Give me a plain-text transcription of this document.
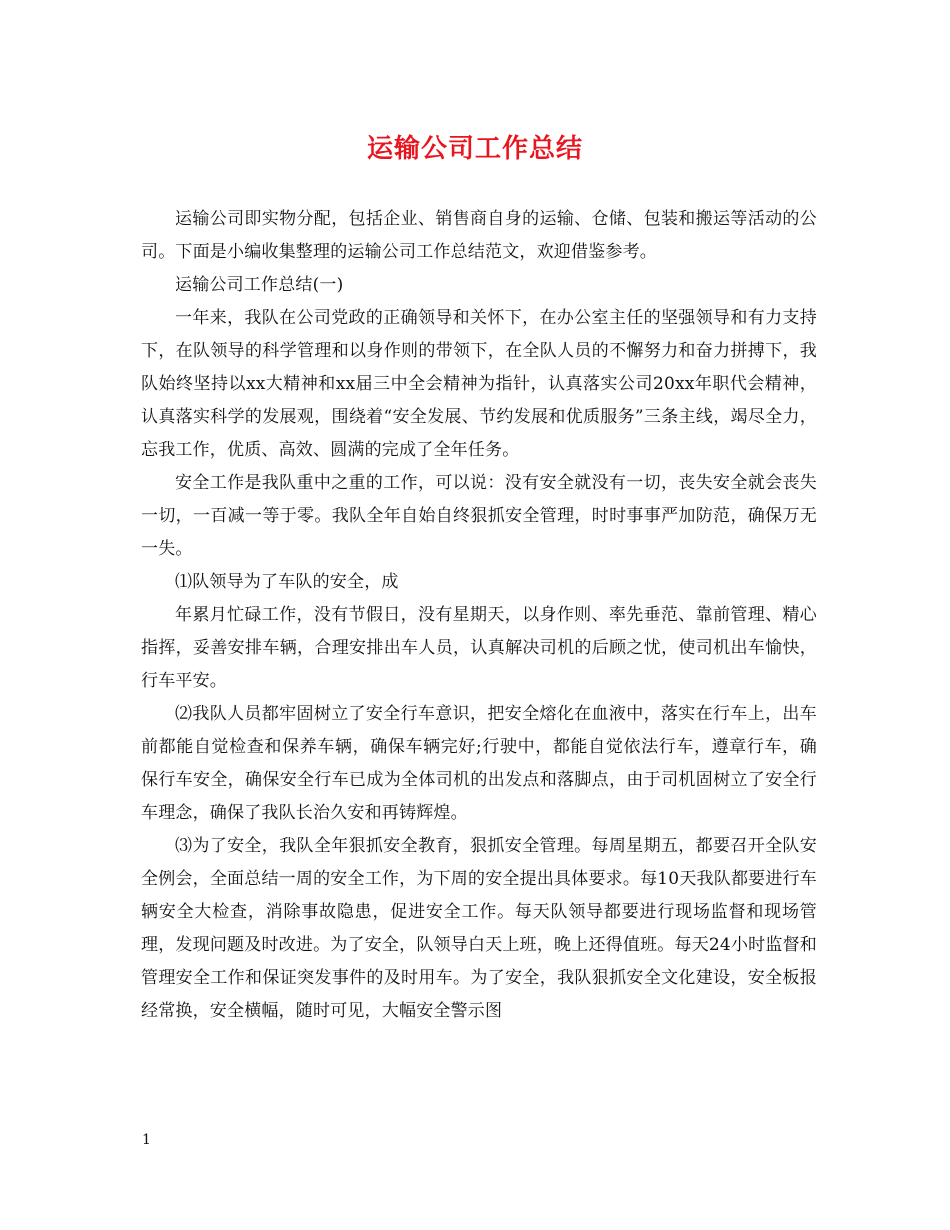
运输公司工作总结

运输公司即实物分配，包括企业、销售商自身的运输、仓储、包装和搬运等活动的公司。下面是小编收集整理的运输公司工作总结范文，欢迎借鉴参考。

运输公司工作总结(一)

一年来，我队在公司党政的正确领导和关怀下，在办公室主任的坚强领导和有力支持下，在队领导的科学管理和以身作则的带领下，在全队人员的不懈努力和奋力拼搏下，我队始终坚持以xx大精神和xx届三中全会精神为指针，认真落实公司20xx年职代会精神，认真落实科学的发展观，围绕着“安全发展、节约发展和优质服务”三条主线，竭尽全力，忘我工作，优质、高效、圆满的完成了全年任务。

安全工作是我队重中之重的工作，可以说：没有安全就没有一切，丧失安全就会丧失一切，一百减一等于零。我队全年自始自终狠抓安全管理，时时事事严加防范，确保万无一失。

⑴队领导为了车队的安全，成

年累月忙碌工作，没有节假日，没有星期天，以身作则、率先垂范、靠前管理、精心指挥，妥善安排车辆，合理安排出车人员，认真解决司机的后顾之忧，使司机出车愉快，行车平安。

⑵我队人员都牢固树立了安全行车意识，把安全熔化在血液中，落实在行车上，出车前都能自觉检查和保养车辆，确保车辆完好;行驶中，都能自觉依法行车，遵章行车，确保行车安全，确保安全行车已成为全体司机的出发点和落脚点，由于司机固树立了安全行车理念，确保了我队长治久安和再铸辉煌。

⑶为了安全，我队全年狠抓安全教育，狠抓安全管理。每周星期五，都要召开全队安全例会，全面总结一周的安全工作，为下周的安全提出具体要求。每10天我队都要进行车辆安全大检查，消除事故隐患，促进安全工作。每天队领导都要进行现场监督和现场管理，发现问题及时改进。为了安全，队领导白天上班，晚上还得值班。每天24小时监督和管理安全工作和保证突发事件的及时用车。为了安全，我队狠抓安全文化建设，安全板报经常换，安全横幅，随时可见，大幅安全警示图

1
